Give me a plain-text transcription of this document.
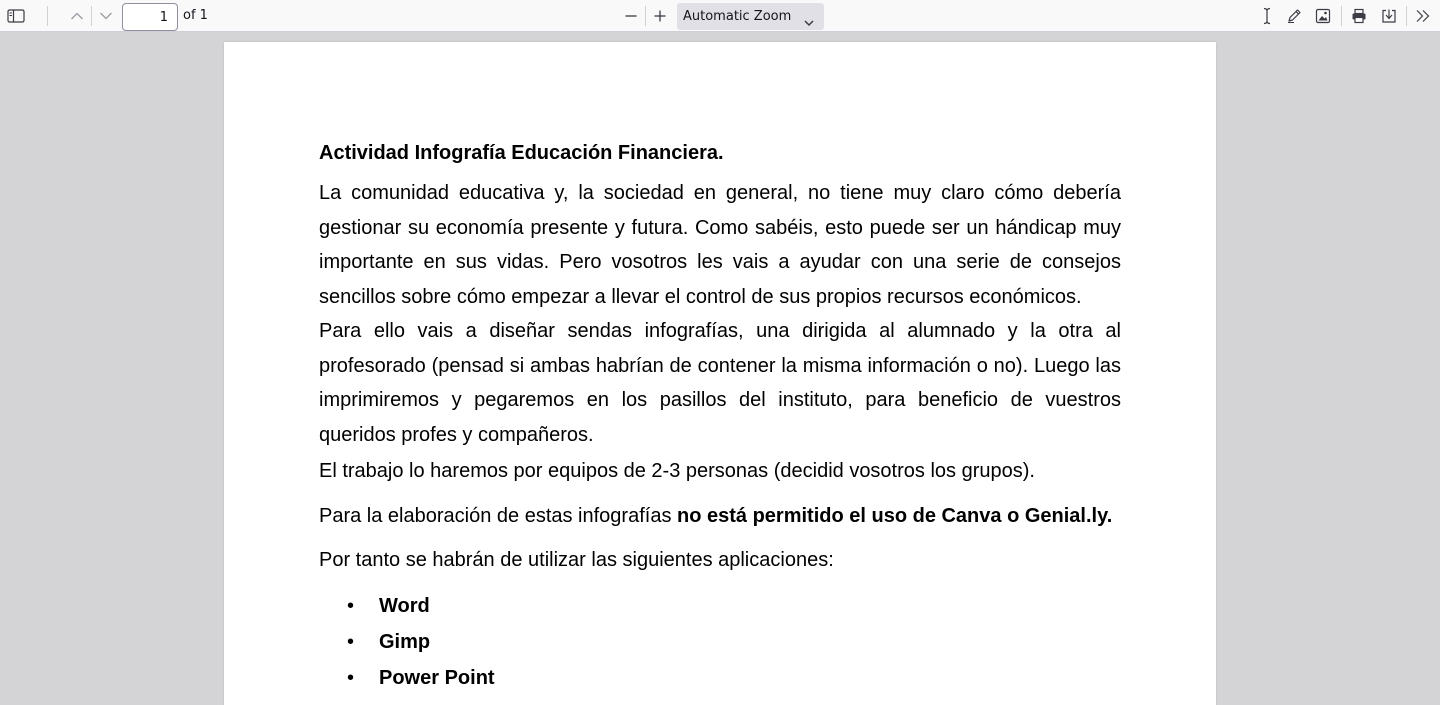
1	of 1	Automatic Zoom

Actividad Infografía Educación Financiera.

La comunidad educativa y, la sociedad en general, no tiene muy claro cómo debería gestionar su economía presente y futura. Como sabéis, esto puede ser un hándicap muy importante en sus vidas. Pero vosotros les vais a ayudar con una serie de consejos sencillos sobre cómo empezar a llevar el control de sus propios recursos económicos.

Para ello vais a diseñar sendas infografías, una dirigida al alumnado y la otra al profesorado (pensad si ambas habrían de contener la misma información o no). Luego las imprimiremos y pegaremos en los pasillos del instituto, para beneficio de vuestros queridos profes y compañeros.

El trabajo lo haremos por equipos de 2-3 personas (decidid vosotros los grupos).

Para la elaboración de estas infografías no está permitido el uso de Canva o Genial.ly.

Por tanto se habrán de utilizar las siguientes aplicaciones:

• Word
• Gimp
• Power Point
